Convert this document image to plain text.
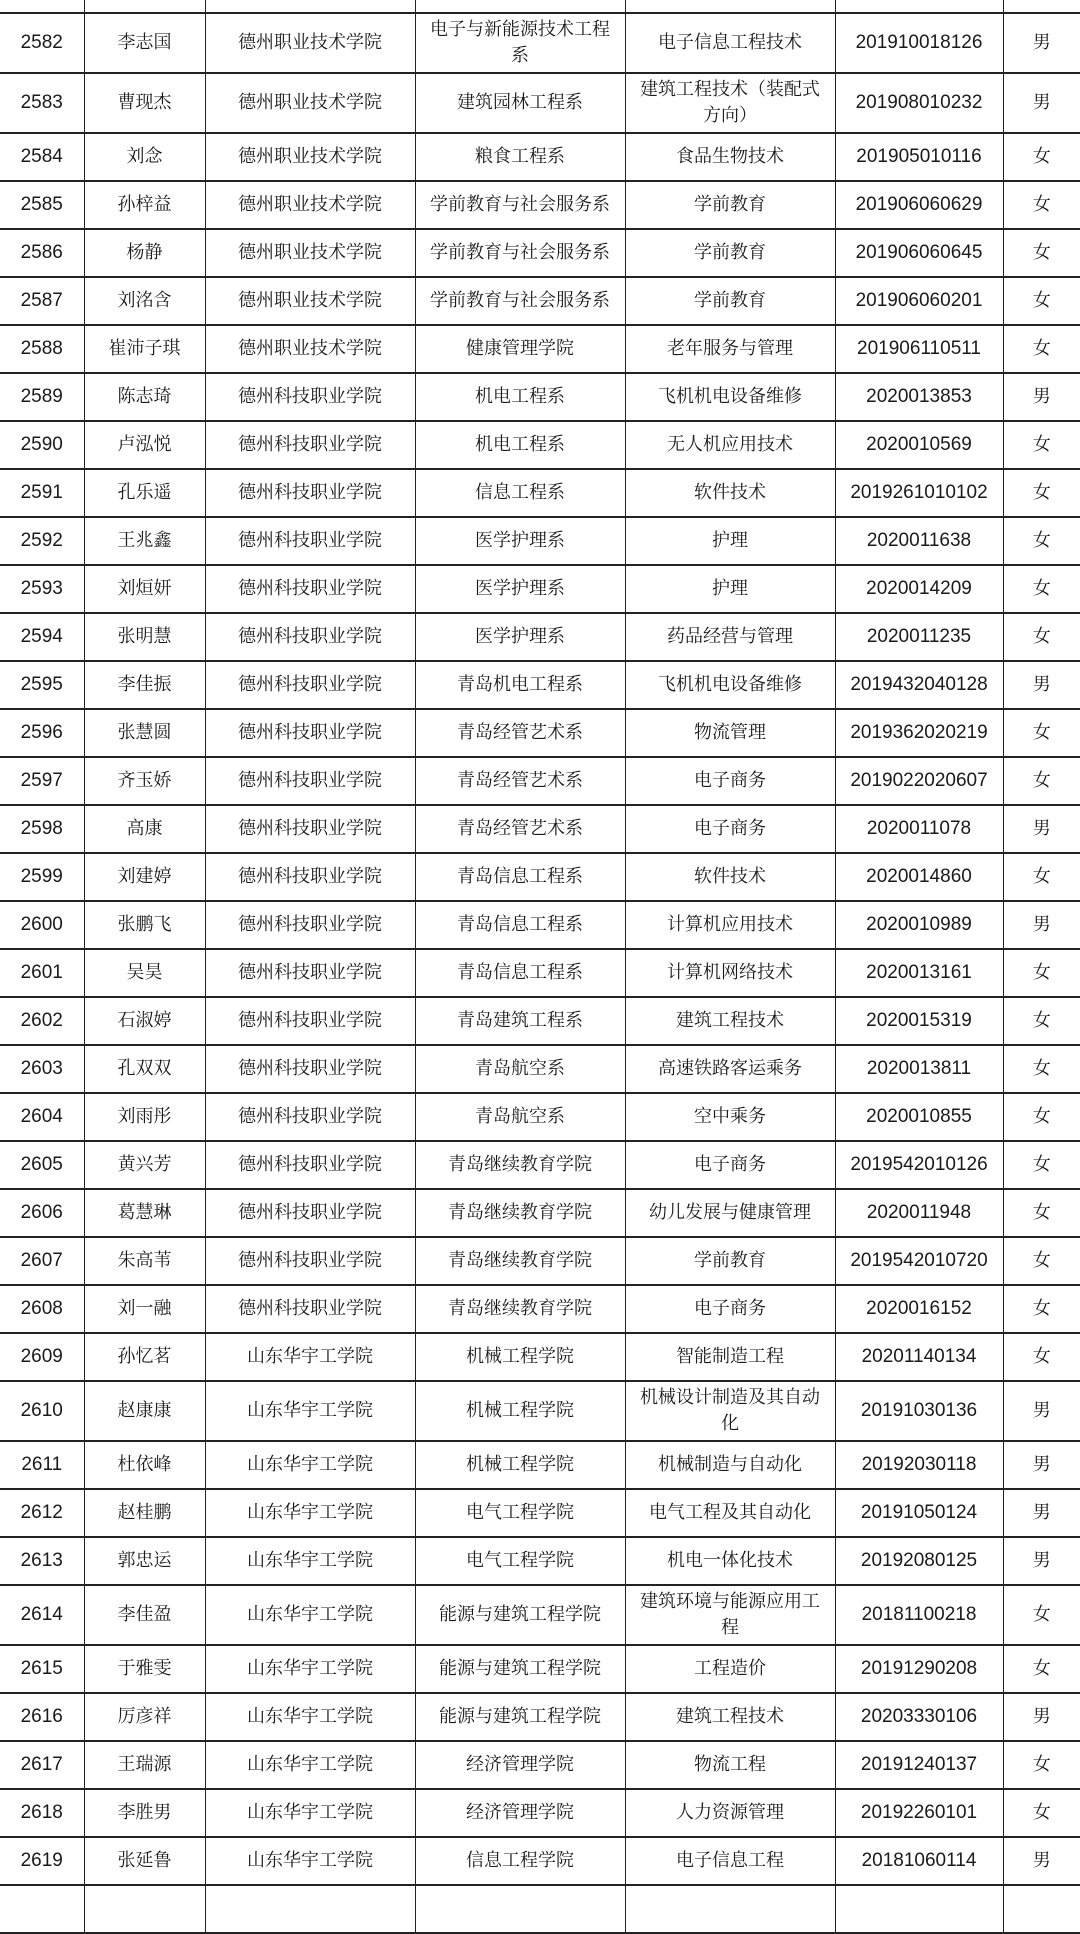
2582	李志国	德州职业技术学院	电子与新能源技术工程系	电子信息工程技术	201910018126	男
2583	曹现杰	德州职业技术学院	建筑园林工程系	建筑工程技术（装配式方向）	201908010232	男
2584	刘念	德州职业技术学院	粮食工程系	食品生物技术	201905010116	女
2585	孙梓益	德州职业技术学院	学前教育与社会服务系	学前教育	201906060629	女
2586	杨静	德州职业技术学院	学前教育与社会服务系	学前教育	201906060645	女
2587	刘洺含	德州职业技术学院	学前教育与社会服务系	学前教育	201906060201	女
2588	崔沛子琪	德州职业技术学院	健康管理学院	老年服务与管理	201906110511	女
2589	陈志琦	德州科技职业学院	机电工程系	飞机机电设备维修	2020013853	男
2590	卢泓悦	德州科技职业学院	机电工程系	无人机应用技术	2020010569	女
2591	孔乐遥	德州科技职业学院	信息工程系	软件技术	2019261010102	女
2592	王兆鑫	德州科技职业学院	医学护理系	护理	2020011638	女
2593	刘烜妍	德州科技职业学院	医学护理系	护理	2020014209	女
2594	张明慧	德州科技职业学院	医学护理系	药品经营与管理	2020011235	女
2595	李佳振	德州科技职业学院	青岛机电工程系	飞机机电设备维修	2019432040128	男
2596	张慧圆	德州科技职业学院	青岛经管艺术系	物流管理	2019362020219	女
2597	齐玉娇	德州科技职业学院	青岛经管艺术系	电子商务	2019022020607	女
2598	高康	德州科技职业学院	青岛经管艺术系	电子商务	2020011078	男
2599	刘建婷	德州科技职业学院	青岛信息工程系	软件技术	2020014860	女
2600	张鹏飞	德州科技职业学院	青岛信息工程系	计算机应用技术	2020010989	男
2601	吴昊	德州科技职业学院	青岛信息工程系	计算机网络技术	2020013161	女
2602	石淑婷	德州科技职业学院	青岛建筑工程系	建筑工程技术	2020015319	女
2603	孔双双	德州科技职业学院	青岛航空系	高速铁路客运乘务	2020013811	女
2604	刘雨彤	德州科技职业学院	青岛航空系	空中乘务	2020010855	女
2605	黄兴芳	德州科技职业学院	青岛继续教育学院	电子商务	2019542010126	女
2606	葛慧琳	德州科技职业学院	青岛继续教育学院	幼儿发展与健康管理	2020011948	女
2607	朱高苇	德州科技职业学院	青岛继续教育学院	学前教育	2019542010720	女
2608	刘一融	德州科技职业学院	青岛继续教育学院	电子商务	2020016152	女
2609	孙忆茗	山东华宇工学院	机械工程学院	智能制造工程	20201140134	女
2610	赵康康	山东华宇工学院	机械工程学院	机械设计制造及其自动化	20191030136	男
2611	杜依峰	山东华宇工学院	机械工程学院	机械制造与自动化	20192030118	男
2612	赵桂鹏	山东华宇工学院	电气工程学院	电气工程及其自动化	20191050124	男
2613	郭忠运	山东华宇工学院	电气工程学院	机电一体化技术	20192080125	男
2614	李佳盈	山东华宇工学院	能源与建筑工程学院	建筑环境与能源应用工程	20181100218	女
2615	于雅雯	山东华宇工学院	能源与建筑工程学院	工程造价	20191290208	女
2616	厉彦祥	山东华宇工学院	能源与建筑工程学院	建筑工程技术	20203330106	男
2617	王瑞源	山东华宇工学院	经济管理学院	物流工程	20191240137	女
2618	李胜男	山东华宇工学院	经济管理学院	人力资源管理	20192260101	女
2619	张延鲁	山东华宇工学院	信息工程学院	电子信息工程	20181060114	男
